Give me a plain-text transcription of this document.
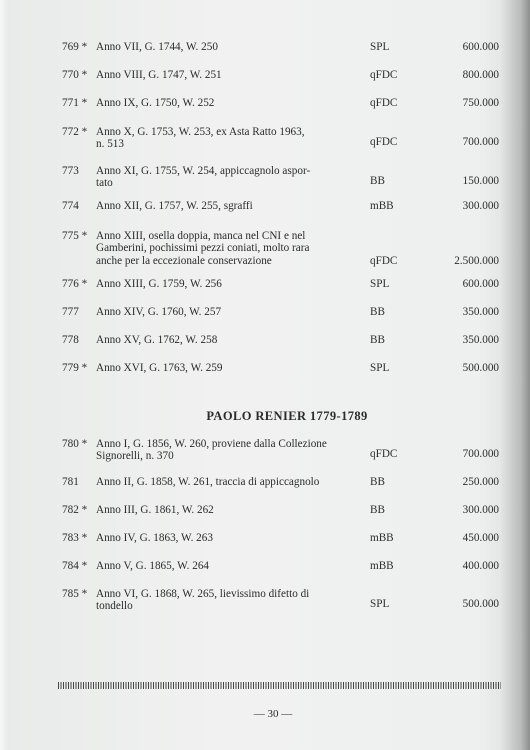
769 * Anno VII, G. 1744, W. 250	SPL	600.000
770 * Anno VIII, G. 1747, W. 251	qFDC	800.000
771 * Anno IX, G. 1750, W. 252	qFDC	750.000
772 * Anno X, G. 1753, W. 253, ex Asta Ratto 1963,
n. 513	qFDC	700.000
773	Anno XI, G. 1755, W. 254, appiccagnolo aspor-
tato	BB	150.000
774	Anno XII, G. 1757, W. 255, sgraffi	mBB	300.000
775 * Anno XIII, osella doppia, manca nel CNI e nel
Gamberini, pochissimi pezzi coniati, molto rara
anche per la eccezionale conservazione	qFDC	2.500.000
776 * Anno XIII, G. 1759, W. 256	SPL	600.000
777	Anno XIV, G. 1760, W. 257	BB	350.000
778	Anno XV, G. 1762, W. 258	BB	350.000
779 * Anno XVI, G. 1763, W. 259	SPL	500.000
PAOLO RENIER 1779-1789
780 * Anno I, G. 1856, W. 260, proviene dalla Collezione
Signorelli, n. 370	qFDC	700.000
781	Anno II, G. 1858, W. 261, traccia di appiccagnolo	BB	250.000
782 * Anno III, G. 1861, W. 262	BB	300.000
783 * Anno IV, G. 1863, W. 263	mBB	450.000
784 * Anno V, G. 1865, W. 264	mBB	400.000
785 * Anno VI, G. 1868, W. 265, lievissimo difetto di
tondello	SPL	500.000
— 30 —
